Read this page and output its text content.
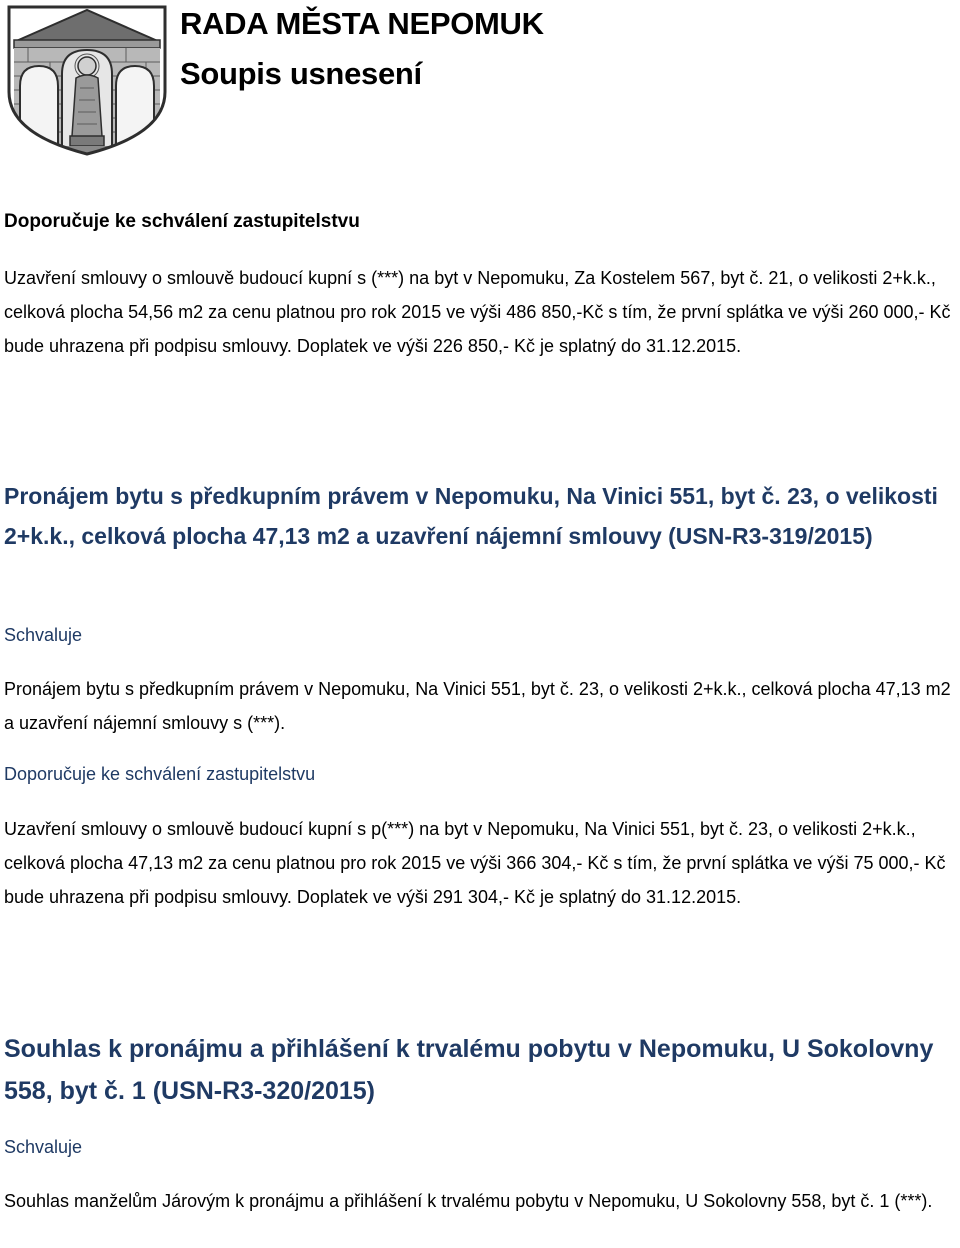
RADA MĚSTA NEPOMUK
Soupis usnesení

Doporučuje ke schválení zastupitelstvu

Uzavření smlouvy o smlouvě budoucí kupní s (***) na byt v Nepomuku, Za Kostelem 567, byt č. 21, o velikosti 2+k.k., celková plocha 54,56 m2 za cenu platnou pro rok 2015 ve výši 486 850,-Kč s tím, že první splátka ve výši 260 000,- Kč bude uhrazena při podpisu smlouvy. Doplatek ve výši 226 850,- Kč je splatný do 31.12.2015.

Pronájem bytu s předkupním právem v Nepomuku, Na Vinici 551, byt č. 23, o velikosti 2+k.k., celková plocha 47,13 m2 a uzavření nájemní smlouvy (USN-R3-319/2015)

Schvaluje

Pronájem bytu s předkupním právem v Nepomuku, Na Vinici 551, byt č. 23, o velikosti 2+k.k., celková plocha 47,13 m2 a uzavření nájemní smlouvy s (***).

Doporučuje ke schválení zastupitelstvu

Uzavření smlouvy o smlouvě budoucí kupní s p(***) na byt v Nepomuku, Na Vinici 551, byt č. 23, o velikosti 2+k.k., celková plocha 47,13 m2 za cenu platnou pro rok 2015 ve výši 366 304,- Kč s tím, že první splátka ve výši 75 000,- Kč bude uhrazena při podpisu smlouvy. Doplatek ve výši 291 304,- Kč je splatný do 31.12.2015.

Souhlas k pronájmu a přihlášení k trvalému pobytu v Nepomuku, U Sokolovny 558, byt č. 1 (USN-R3-320/2015)

Schvaluje

Souhlas manželům Járovým k pronájmu a přihlášení k trvalému pobytu v Nepomuku, U Sokolovny 558, byt č. 1 (***).
